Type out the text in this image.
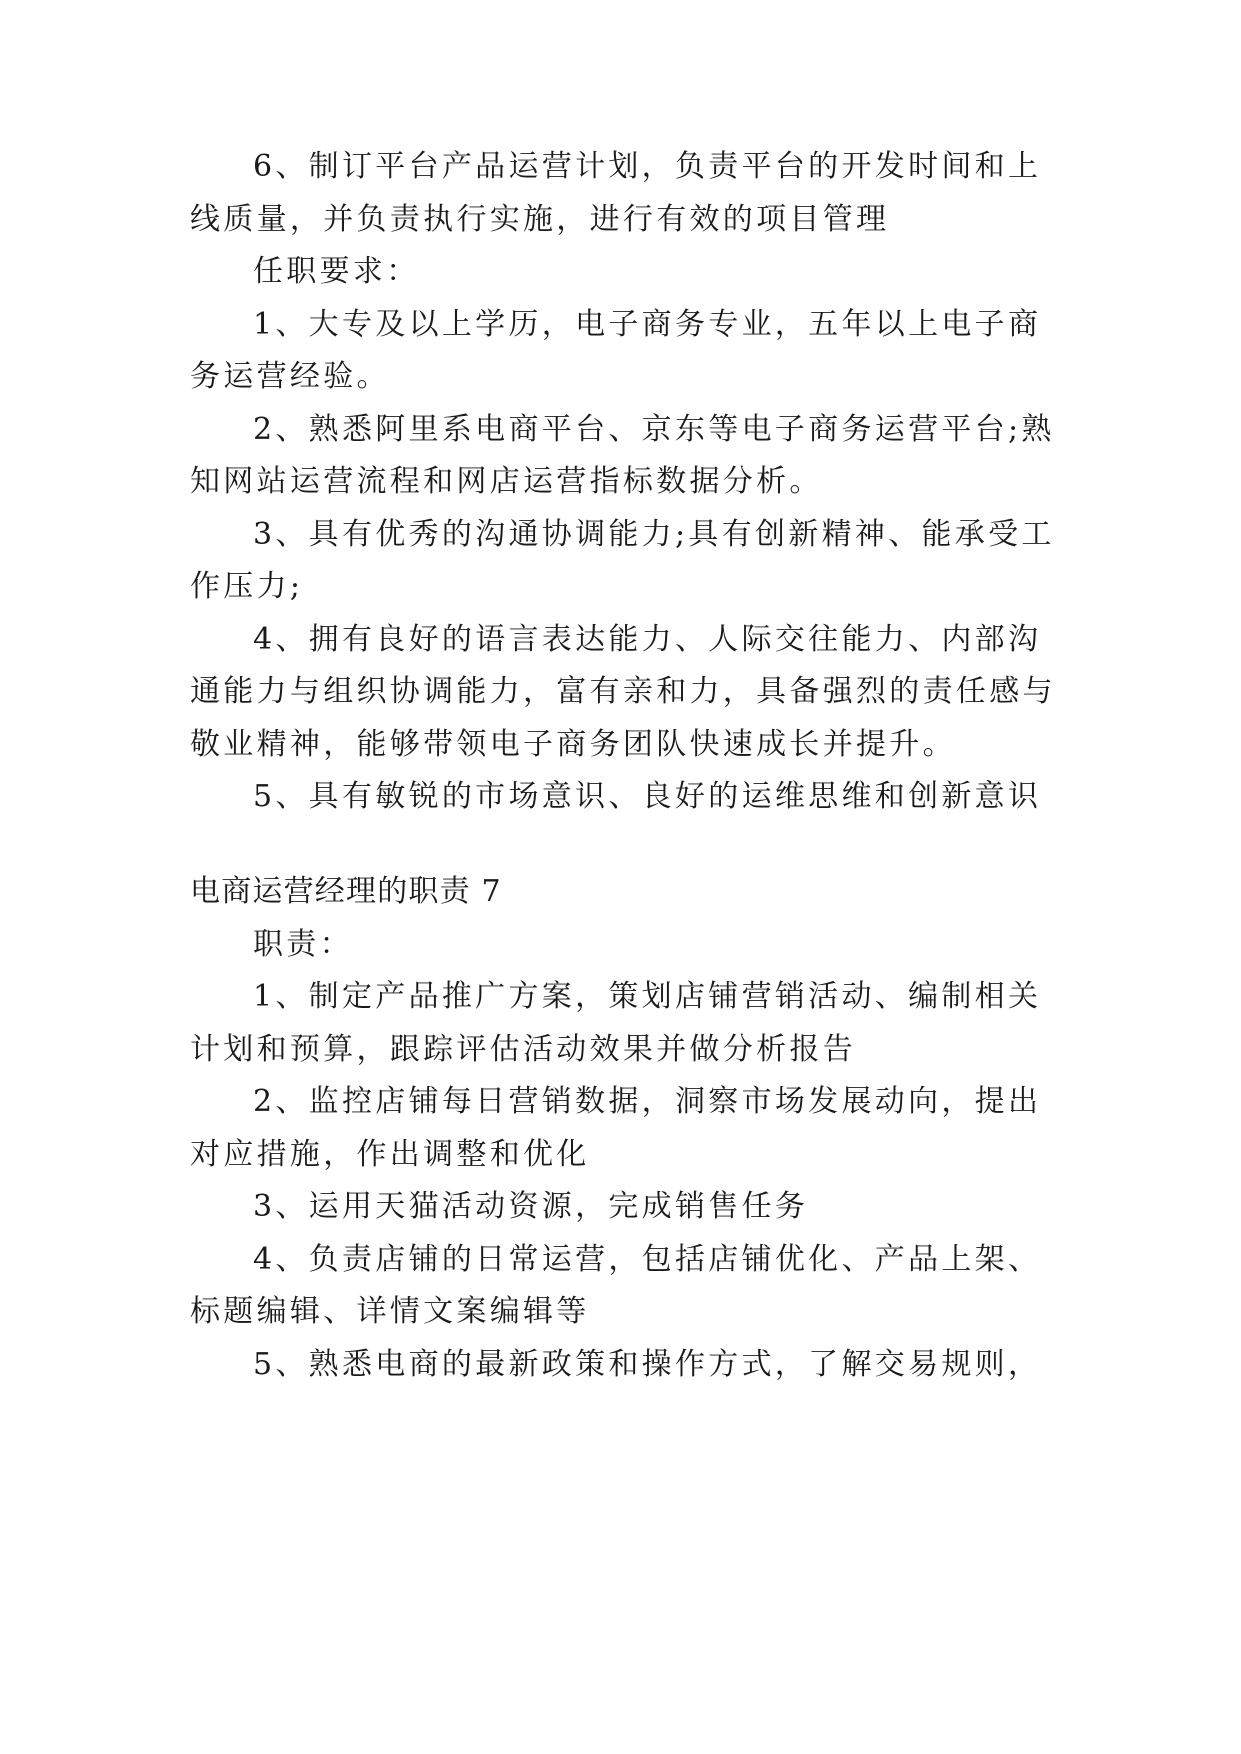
6、制订平台产品运营计划，负责平台的开发时间和上
线质量，并负责执行实施，进行有效的项目管理
任职要求：
1、大专及以上学历，电子商务专业，五年以上电子商
务运营经验。
2、熟悉阿里系电商平台、京东等电子商务运营平台;熟
知网站运营流程和网店运营指标数据分析。
3、具有优秀的沟通协调能力;具有创新精神、能承受工
作压力;
4、拥有良好的语言表达能力、人际交往能力、内部沟
通能力与组织协调能力，富有亲和力，具备强烈的责任感与
敬业精神，能够带领电子商务团队快速成长并提升。
5、具有敏锐的市场意识、良好的运维思维和创新意识
电商运营经理的职责 7
职责：
1、制定产品推广方案，策划店铺营销活动、编制相关
计划和预算，跟踪评估活动效果并做分析报告
2、监控店铺每日营销数据，洞察市场发展动向，提出
对应措施，作出调整和优化
3、运用天猫活动资源，完成销售任务
4、负责店铺的日常运营，包括店铺优化、产品上架、
标题编辑、详情文案编辑等
5、熟悉电商的最新政策和操作方式，了解交易规则，
